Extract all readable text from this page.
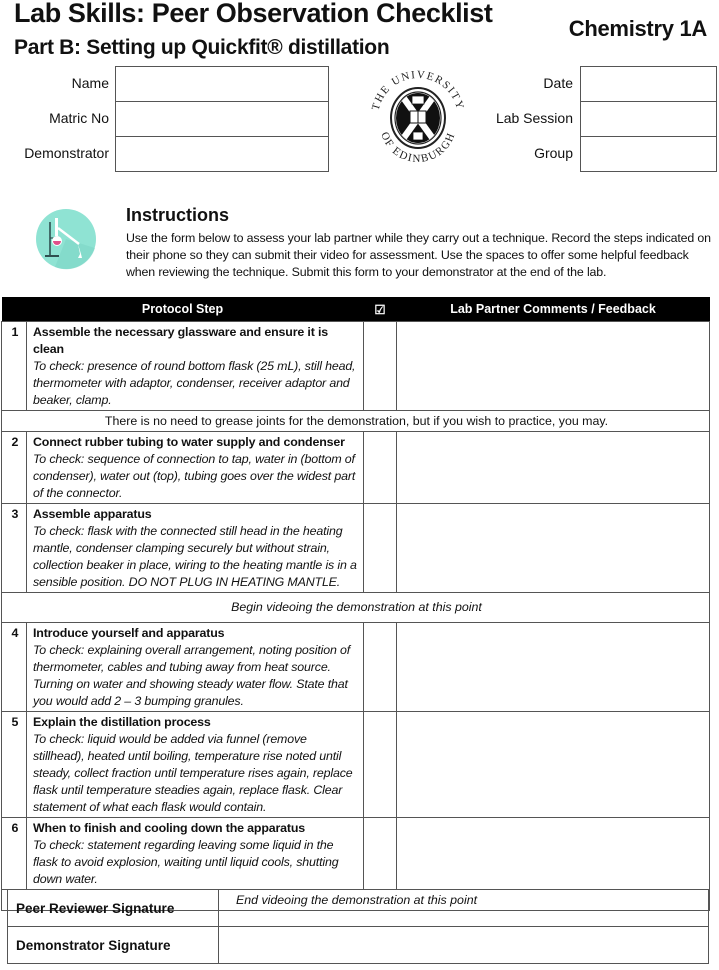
Lab Skills: Peer Observation Checklist
Part B: Setting up Quickfit® distillation
Chemistry 1A
Name
Matric No
Demonstrator
THE UNIVERSITY
OF EDINBURGH
Date
Lab Session
Group
Instructions
Use the form below to assess your lab partner while they carry out a technique. Record the steps indicated on their phone so they can submit their video for assessment. Use the spaces to offer some helpful feedback when reviewing the technique. Submit this form to your demonstrator at the end of the lab.
Protocol Step		☑	Lab Partner Comments / Feedback
1	Assemble the necessary glassware and ensure it is clean
To check: presence of round bottom flask (25 mL), still head, thermometer with adaptor, condenser, receiver adaptor and beaker, clamp.		

There is no need to grease joints for the demonstration, but if you wish to practice, you may.			
2	Connect rubber tubing to water supply and condenser
To check: sequence of connection to tap, water in (bottom of condenser), water out (top), tubing goes over the widest part of the connector.		

3	Assemble apparatus
To check: flask with the connected still head in the heating mantle, condenser clamping securely but without strain, collection beaker in place, wiring to the heating mantle is in a sensible position. DO NOT PLUG IN HEATING MANTLE.		

Begin videoing the demonstration at this point			
4	Introduce yourself and apparatus
To check: explaining overall arrangement, noting position of thermometer, cables and tubing away from heat source. Turning on water and showing steady water flow. State that you would add 2 – 3 bumping granules.		

5	Explain the distillation process
To check: liquid would be added via funnel (remove stillhead), heated until boiling, temperature rise noted until steady, collect fraction until temperature rises again, replace flask until temperature steadies again, replace flask. Clear statement of what each flask would contain.		

6	When to finish and cooling down the apparatus
To check: statement regarding leaving some liquid in the flask to avoid explosion, waiting until liquid cools, shutting down water.		

End videoing the demonstration at this point			
Peer Reviewer Signature	
Demonstrator Signature	
